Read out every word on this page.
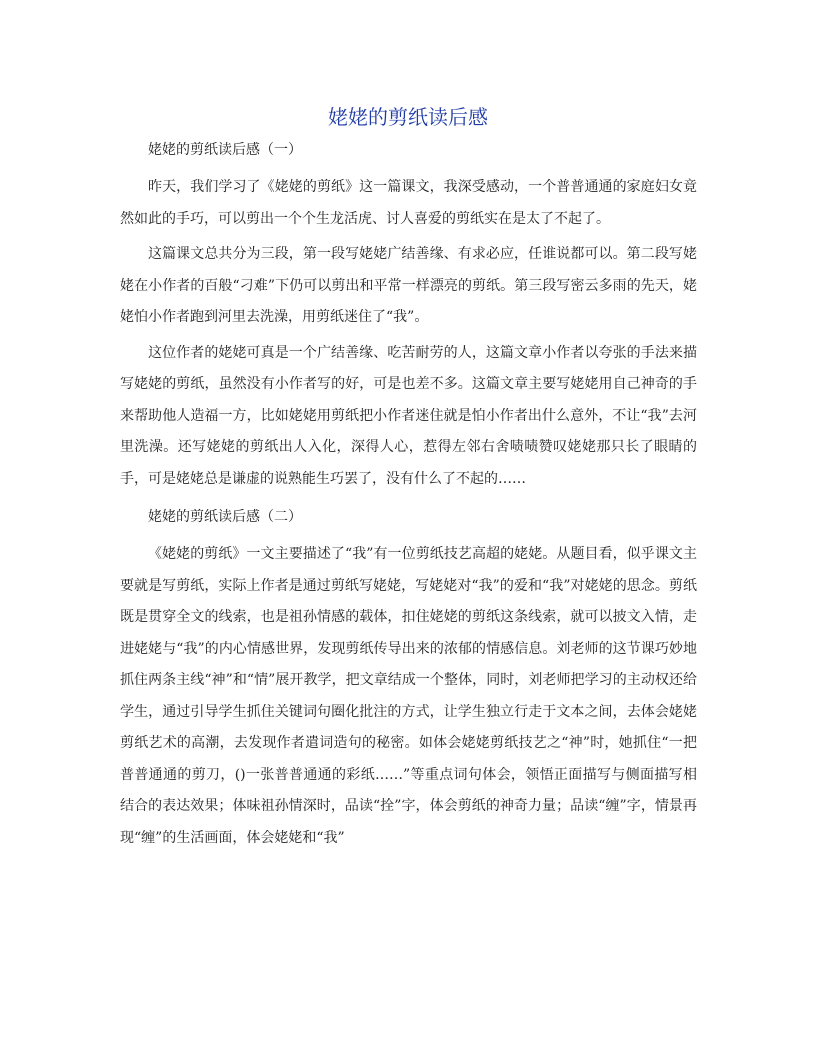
姥姥的剪纸读后感

姥姥的剪纸读后感（一）

昨天，我们学习了《姥姥的剪纸》这一篇课文，我深受感动，一个普普通通的家庭妇女竟然如此的手巧，可以剪出一个个生龙活虎、讨人喜爱的剪纸实在是太了不起了。

这篇课文总共分为三段，第一段写姥姥广结善缘、有求必应，任谁说都可以。第二段写姥姥在小作者的百般“刁难”下仍可以剪出和平常一样漂亮的剪纸。第三段写密云多雨的先天，姥姥怕小作者跑到河里去洗澡，用剪纸迷住了“我”。

这位作者的姥姥可真是一个广结善缘、吃苦耐劳的人，这篇文章小作者以夸张的手法来描写姥姥的剪纸，虽然没有小作者写的好，可是也差不多。这篇文章主要写姥姥用自己神奇的手来帮助他人造福一方，比如姥姥用剪纸把小作者迷住就是怕小作者出什么意外，不让“我”去河里洗澡。还写姥姥的剪纸出人入化，深得人心，惹得左邻右舍啧啧赞叹姥姥那只长了眼睛的手，可是姥姥总是谦虚的说熟能生巧罢了，没有什么了不起的……

姥姥的剪纸读后感（二）

《姥姥的剪纸》一文主要描述了“我”有一位剪纸技艺高超的姥姥。从题目看，似乎课文主要就是写剪纸，实际上作者是通过剪纸写姥姥，写姥姥对“我”的爱和“我”对姥姥的思念。剪纸既是贯穿全文的线索，也是祖孙情感的载体，扣住姥姥的剪纸这条线索，就可以披文入情，走进姥姥与“我”的内心情感世界，发现剪纸传导出来的浓郁的情感信息。刘老师的这节课巧妙地抓住两条主线“神”和“情”展开教学，把文章结成一个整体，同时，刘老师把学习的主动权还给学生，通过引导学生抓住关键词句圈化批注的方式，让学生独立行走于文本之间，去体会姥姥剪纸艺术的高潮，去发现作者遣词造句的秘密。如体会姥姥剪纸技艺之“神”时，她抓住“一把普普通通的剪刀，()一张普普通通的彩纸……”等重点词句体会，领悟正面描写与侧面描写相结合的表达效果；体味祖孙情深时，品读“拴”字，体会剪纸的神奇力量；品读“缠”字，情景再现“缠”的生活画面，体会姥姥和“我”
